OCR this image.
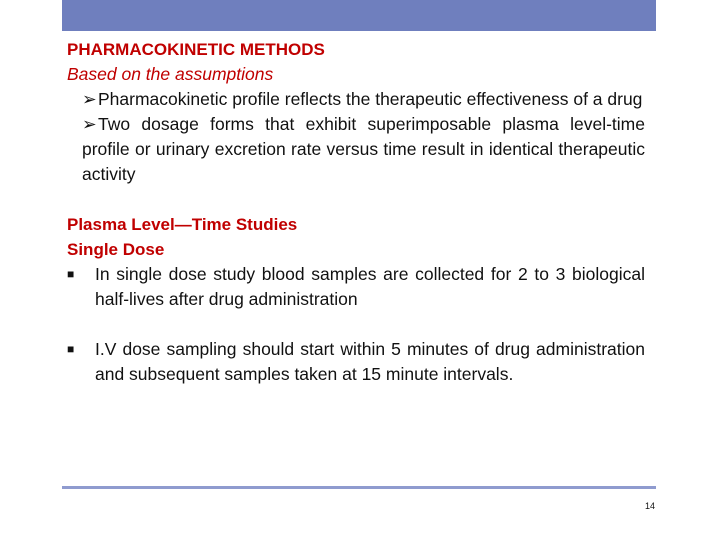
PHARMACOKINETIC METHODS
Based on the assumptions
➢Pharmacokinetic profile reflects the therapeutic effectiveness of a drug
➢Two dosage forms that exhibit superimposable plasma level-time profile or urinary excretion rate versus time result in identical therapeutic activity
Plasma Level—Time Studies
Single Dose
■	In single dose study blood samples are collected for 2 to 3 biological half-lives after drug administration
■	I.V dose sampling should start within 5 minutes of drug administration and subsequent samples taken at 15 minute intervals.
14
